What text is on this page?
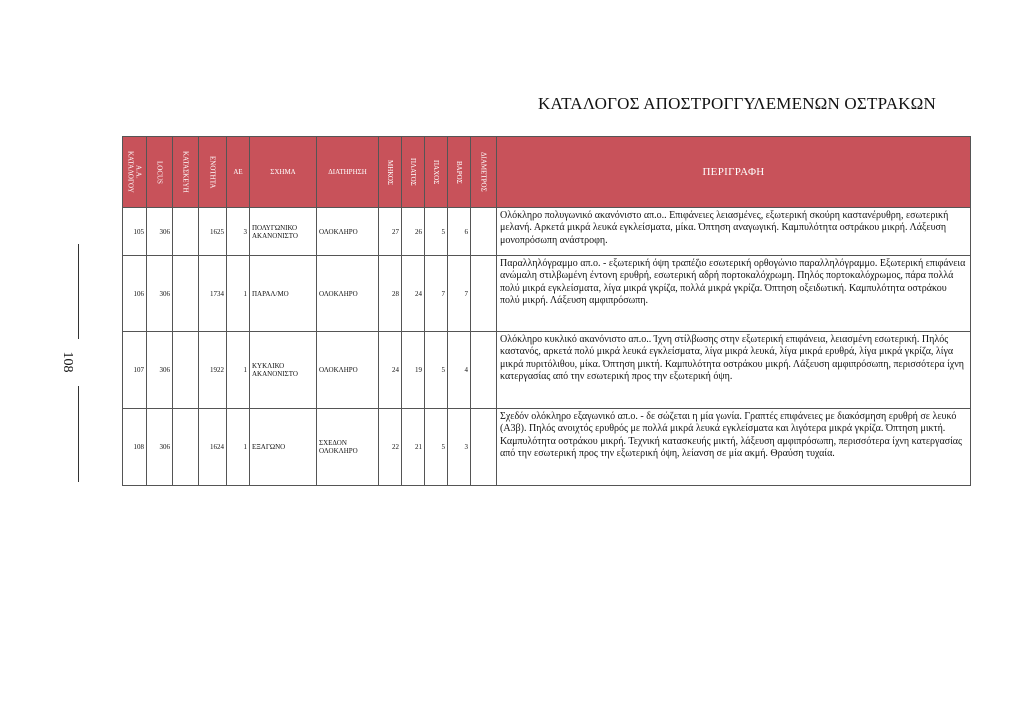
ΚΑΤΑΛΟΓΟΣ ΑΠΟΣΤΡΟΓΓΥΛΕΜΕΝΩΝ ΟΣΤΡΑΚΩΝ
108
Α.Α.
ΚΑΤΑΛΟΓΟΥ	LOCUS	ΚΑΤΑΣΚΕΥΗ	ΕΝΟΤΗΤΑ	ΑΕ	ΣΧΗΜΑ	ΔΙΑΤΗΡΗΣΗ	ΜΗΚΟΣ	ΠΛΑΤΟΣ	ΠΑΧΟΣ	ΒΑΡΟΣ	ΔΙΑΜΕΤΡΟΣ	ΠΕΡΙΓΡΑΦΗ
105	306		1625	3	ΠΟΛΥΓΩΝΙΚΟ ΑΚΑΝΟΝΙΣΤΟ	ΟΛΟΚΛΗΡΟ	27	26	5	6		Ολόκληρο πολυγωνικό ακανόνιστο απ.ο.. Επιφάνειες λειασμένες, εξωτερική σκούρη καστανέρυθρη, εσωτερική μελανή. Αρκετά μικρά λευκά εγκλείσματα, μίκα. Όπτηση αναγωγική. Καμπυλότητα οστράκου μικρή. Λάξευση μονοπρόσωπη ανάστροφη.
106	306		1734	1	ΠΑΡΑΛ/ΜΟ	ΟΛΟΚΛΗΡΟ	28	24	7	7		Παραλληλόγραμμο απ.ο. - εξωτερική όψη τραπέζιο εσωτερική ορθογώνιο παραλληλόγραμμο. Εξωτερική επιφάνεια ανώμαλη στιλβωμένη έντονη ερυθρή, εσωτερική αδρή πορτοκαλόχρωμη. Πηλός πορτοκαλόχρωμος, πάρα πολλά πολύ μικρά εγκλείσματα, λίγα μικρά γκρίζα, πολλά μικρά γκρίζα. Όπτηση οξειδωτική. Καμπυλότητα οστράκου πολύ μικρή. Λάξευση αμφιπρόσωπη.
107	306		1922	1	ΚΥΚΛΙΚΟ ΑΚΑΝΟΝΙΣΤΟ	ΟΛΟΚΛΗΡΟ	24	19	5	4		Ολόκληρο κυκλικό ακανόνιστο απ.ο.. Ίχνη στίλβωσης στην εξωτερική επιφάνεια, λειασμένη εσωτερική. Πηλός καστανός, αρκετά πολύ μικρά λευκά εγκλείσματα, λίγα μικρά λευκά, λίγα μικρά ερυθρά, λίγα μικρά γκρίζα, λίγα μικρά πυριτόλιθου, μίκα. Όπτηση μικτή. Καμπυλότητα οστράκου μικρή. Λάξευση αμφιπρόσωπη, περισσότερα ίχνη κατεργασίας από την εσωτερική προς την εξωτερική όψη.
108	306		1624	1	ΕΞΑΓΩΝΟ	ΣΧΕΔΟΝ ΟΛΟΚΛΗΡΟ	22	21	5	3		Σχεδόν ολόκληρο εξαγωνικό απ.ο. - δε σώζεται η μία γωνία. Γραπτές επιφάνειες με διακόσμηση ερυθρή σε λευκό (Α3β). Πηλός ανοιχτός ερυθρός με πολλά μικρά λευκά εγκλείσματα και λιγότερα μικρά γκρίζα. Όπτηση μικτή. Καμπυλότητα οστράκου μικρή. Τεχνική κατασκευής μικτή, λάξευση αμφιπρόσωπη, περισσότερα ίχνη κατεργασίας από την εσωτερική προς την εξωτερική όψη, λείανση σε μία ακμή. Θραύση τυχαία.
